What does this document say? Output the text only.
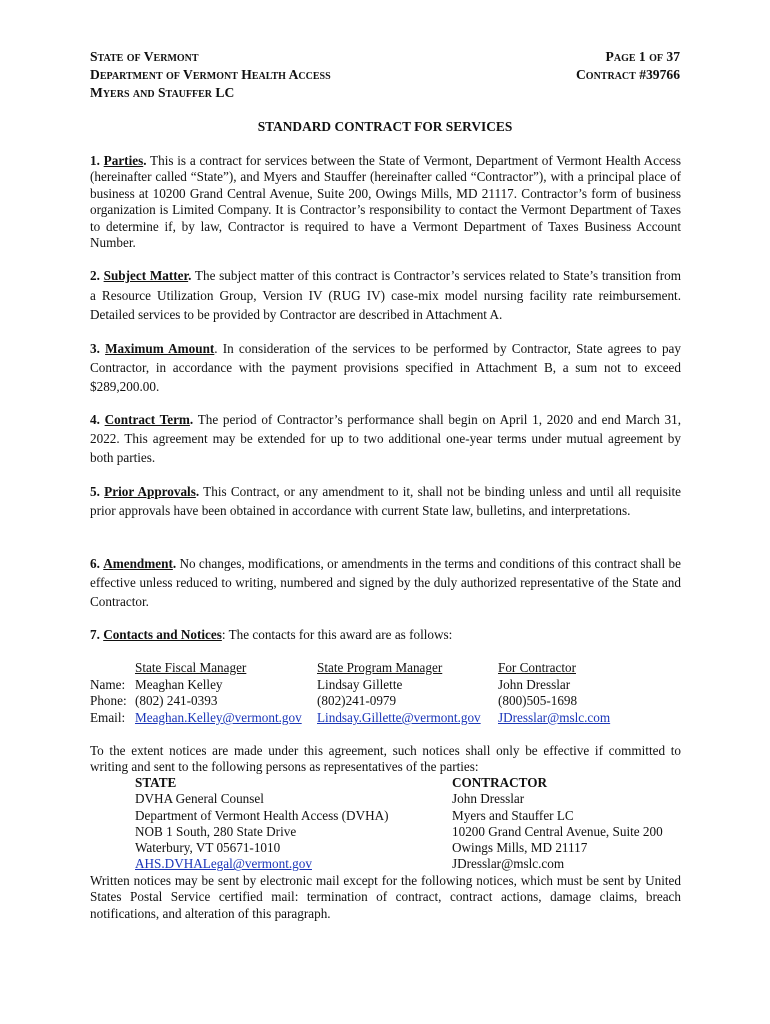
State of Vermont
Department of Vermont Health Access
Myers and Stauffer LC
Page 1 of 37
Contract #39766
STANDARD CONTRACT FOR SERVICES
1. Parties. This is a contract for services between the State of Vermont, Department of Vermont Health Access (hereinafter called “State”), and Myers and Stauffer (hereinafter called “Contractor”), with a principal place of business at 10200 Grand Central Avenue, Suite 200, Owings Mills, MD 21117. Contractor’s form of business organization is Limited Company. It is Contractor’s responsibility to contact the Vermont Department of Taxes to determine if, by law, Contractor is required to have a Vermont Department of Taxes Business Account Number.
2. Subject Matter. The subject matter of this contract is Contractor’s services related to State’s transition from a Resource Utilization Group, Version IV (RUG IV) case-mix model nursing facility rate reimbursement. Detailed services to be provided by Contractor are described in Attachment A.
3. Maximum Amount. In consideration of the services to be performed by Contractor, State agrees to pay Contractor, in accordance with the payment provisions specified in Attachment B, a sum not to exceed $289,200.00.
4. Contract Term. The period of Contractor’s performance shall begin on April 1, 2020 and end March 31, 2022. This agreement may be extended for up to two additional one-year terms under mutual agreement by both parties.
5. Prior Approvals. This Contract, or any amendment to it, shall not be binding unless and until all requisite prior approvals have been obtained in accordance with current State law, bulletins, and interpretations.
6. Amendment. No changes, modifications, or amendments in the terms and conditions of this contract shall be effective unless reduced to writing, numbered and signed by the duly authorized representative of the State and Contractor.
7. Contacts and Notices: The contacts for this award are as follows:
State Fiscal Manager	State Program Manager	For Contractor
Name: Meaghan Kelley	Lindsay Gillette	John Dresslar
Phone: (802) 241-0393	(802)241-0979	(800)505-1698
Email: Meaghan.Kelley@vermont.gov Lindsay.Gillette@vermont.gov JDresslar@mslc.com
To the extent notices are made under this agreement, such notices shall only be effective if committed to writing and sent to the following persons as representatives of the parties:
STATE	CONTRACTOR
DVHA General Counsel	John Dresslar
Department of Vermont Health Access (DVHA)	Myers and Stauffer LC
NOB 1 South, 280 State Drive	10200 Grand Central Avenue, Suite 200
Waterbury, VT 05671-1010	Owings Mills, MD 21117
AHS.DVHALegal@vermont.gov	JDresslar@mslc.com
Written notices may be sent by electronic mail except for the following notices, which must be sent by United States Postal Service certified mail: termination of contract, contract actions, damage claims, breach notifications, and alteration of this paragraph.
